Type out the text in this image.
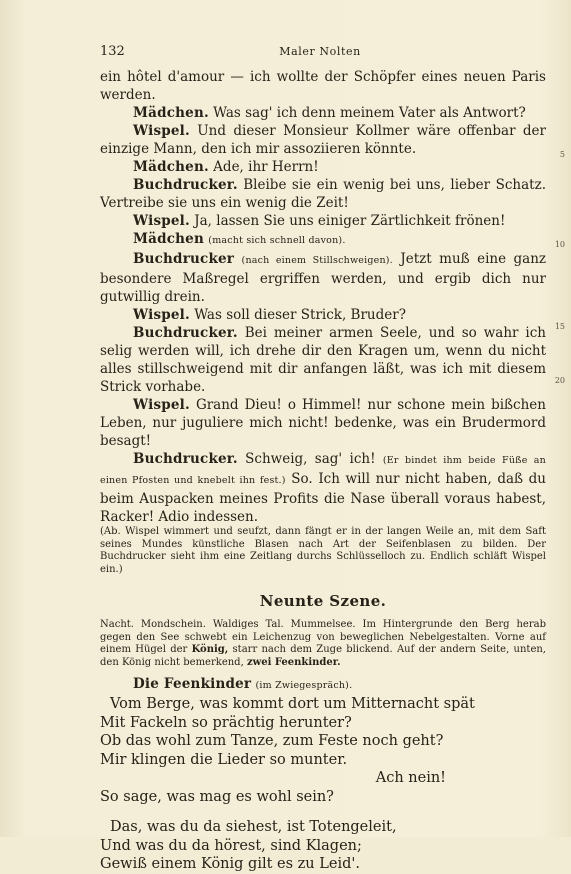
132	Maler Nolten
5
10
15
20

ein hôtel d'amour — ich wollte der Schöpfer eines neuen Paris werden.

Mädchen. Was sag' ich denn meinem Vater als Antwort?

Wispel. Und dieser Monsieur Kollmer wäre offenbar der einzige Mann, den ich mir assoziieren könnte.

Mädchen. Ade, ihr Herrn!

Buchdrucker. Bleibe sie ein wenig bei uns, lieber Schatz. Vertreibe sie uns ein wenig die Zeit!

Wispel. Ja, lassen Sie uns einiger Zärtlichkeit frönen!

Mädchen (macht sich schnell davon).

Buchdrucker (nach einem Stillschweigen). Jetzt muß eine ganz besondere Maßregel ergriffen werden, und ergib dich nur gutwillig drein.

Wispel. Was soll dieser Strick, Bruder?

Buchdrucker. Bei meiner armen Seele, und so wahr ich selig werden will, ich drehe dir den Kragen um, wenn du nicht alles stillschweigend mit dir anfangen läßt, was ich mit diesem Strick vorhabe.

Wispel. Grand Dieu! o Himmel! nur schone mein bißchen Leben, nur jugulierе mich nicht! bedenke, was ein Brudermord besagt!

Buchdrucker. Schweig, sag' ich! (Er bindet ihm beide Füße an einen Pfosten und knebelt ihn fest.) So. Ich will nur nicht haben, daß du beim Auspacken meines Profits die Nase überall voraus habest, Racker! Adio indessen.

(Ab. Wispel wimmert und seufzt, dann fängt er in der langen Weile an, mit dem Saft seines Mundes künstliche Blasen nach Art der Seifenblasen zu bilden. Der Buchdrucker sieht ihm eine Zeitlang durchs Schlüsselloch zu. Endlich schläft Wispel ein.)

Neunte Szene.

Nacht. Mondschein. Waldiges Tal. Mummelsee. Im Hintergrunde den Berg herab gegen den See schwebt ein Leichenzug von beweglichen Nebelgestalten. Vorne auf einem Hügel der König, starr nach dem Zuge blickend. Auf der andern Seite, unten, den König nicht bemerkend, zwei Feenkinder.

Die Feenkinder (im Zwiegespräch).

Vom Berge, was kommt dort um Mitternacht spät

Mit Fackeln so prächtig herunter?

Ob das wohl zum Tanze, zum Feste noch geht?

Mir klingen die Lieder so munter.

Ach nein!

So sage, was mag es wohl sein?

Das, was du da siehest, ist Totengeleit,

Und was du da hörest, sind Klagen;

Gewiß einem König gilt es zu Leid'.
